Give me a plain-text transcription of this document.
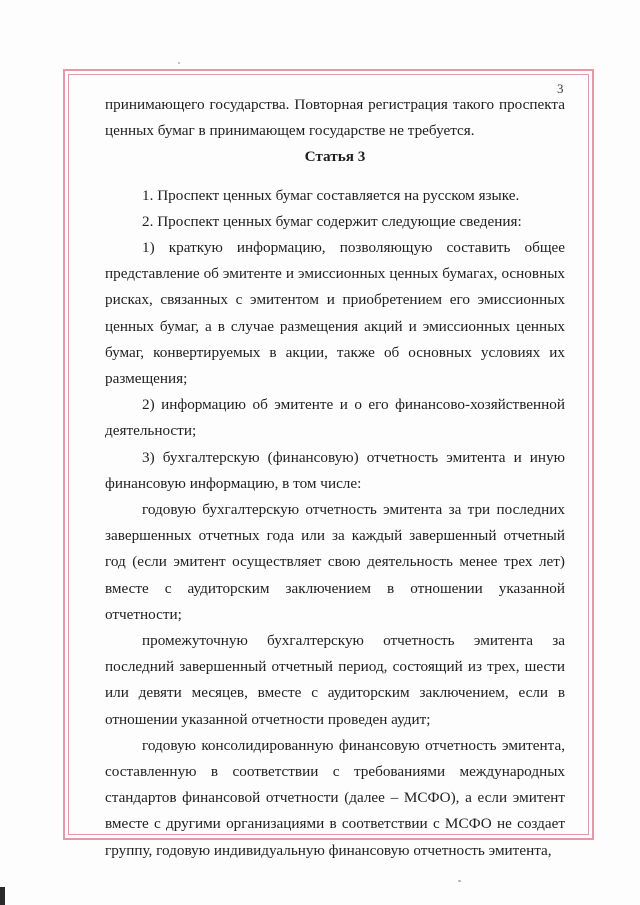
3

принимающего государства. Повторная регистрация такого проспекта ценных бумаг в принимающем государстве не требуется.

Статья 3

1. Проспект ценных бумаг составляется на русском языке.

2. Проспект ценных бумаг содержит следующие сведения:

1) краткую информацию, позволяющую составить общее представление об эмитенте и эмиссионных ценных бумагах, основных рисках, связанных с эмитентом и приобретением его эмиссионных ценных бумаг, а в случае размещения акций и эмиссионных ценных бумаг, конвертируемых в акции, также об основных условиях их размещения;

2) информацию об эмитенте и о его финансово-хозяйственной деятельности;

3) бухгалтерскую (финансовую) отчетность эмитента и иную финансовую информацию, в том числе:

годовую бухгалтерскую отчетность эмитента за три последних завершенных отчетных года или за каждый завершенный отчетный год (если эмитент осуществляет свою деятельность менее трех лет) вместе с аудиторским заключением в отношении указанной отчетности;

промежуточную бухгалтерскую отчетность эмитента за последний завершенный отчетный период, состоящий из трех, шести или девяти месяцев, вместе с аудиторским заключением, если в отношении указанной отчетности проведен аудит;

годовую консолидированную финансовую отчетность эмитента, составленную в соответствии с требованиями международных стандартов финансовой отчетности (далее – МСФО), а если эмитент вместе с другими организациями в соответствии с МСФО не создает группу, годовую индивидуальную финансовую отчетность эмитента,
